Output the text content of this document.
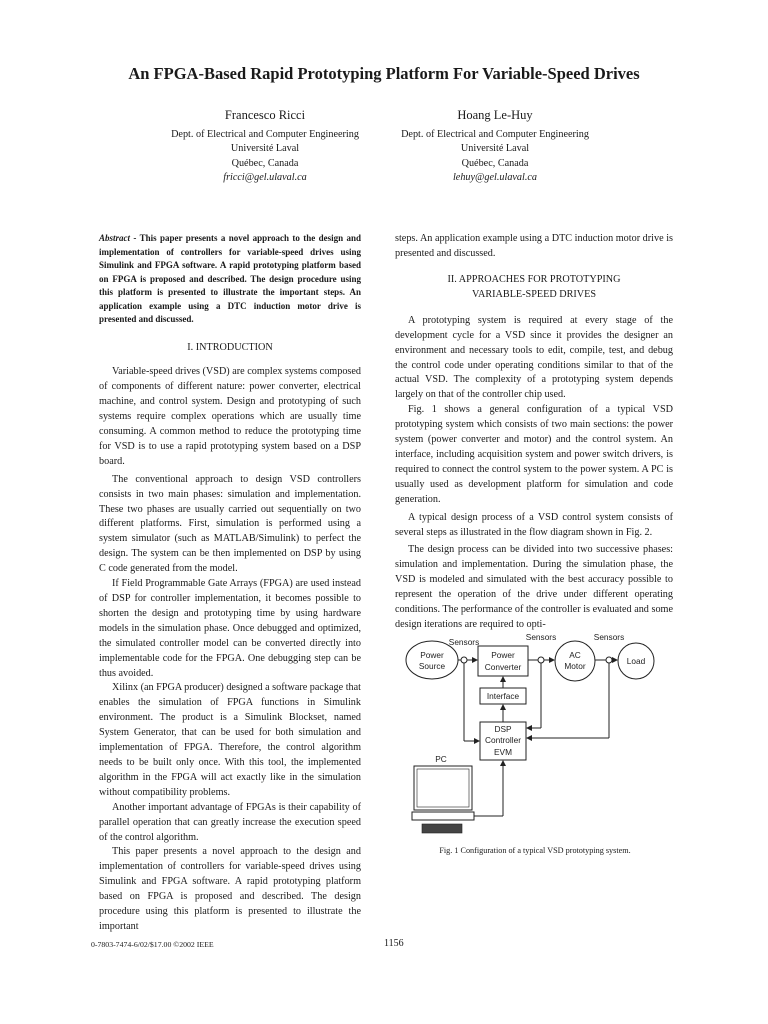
An FPGA-Based Rapid Prototyping Platform For Variable-Speed Drives
Francesco Ricci
Dept. of Electrical and Computer Engineering
Université Laval
Québec, Canada
fricci@gel.ulaval.ca
Hoang Le-Huy
Dept. of Electrical and Computer Engineering
Université Laval
Québec, Canada
lehuy@gel.ulaval.ca

Abstract - This paper presents a novel approach to the design and implementation of controllers for variable-speed drives using Simulink and FPGA software. A rapid prototyping platform based on FPGA is proposed and described. The design procedure using this platform is presented to illustrate the important steps. An application example using a DTC induction motor drive is presented and discussed.

I. INTRODUCTION

Variable-speed drives (VSD) are complex systems composed of components of different nature: power converter, electrical machine, and control system. Design and prototyping of such systems require complex operations which are usually time consuming. A common method to reduce the prototyping time for VSD is to use a rapid prototyping system based on a DSP board.

The conventional approach to design VSD controllers consists in two main phases: simulation and implementation. These two phases are usually carried out sequentially on two different platforms. First, simulation is performed using a system simulator (such as MATLAB/Simulink) to perfect the design. The system can be then implemented on DSP by using C code generated from the model.

If Field Programmable Gate Arrays (FPGA) are used instead of DSP for controller implementation, it becomes possible to shorten the design and prototyping time by using hardware models in the simulation phase. Once debugged and optimized, the simulated controller model can be converted directly into implementable code for the FPGA. One debugging step can be thus avoided.

Xilinx (an FPGA producer) designed a software package that enables the simulation of FPGA functions in Simulink environment. The product is a Simulink Blockset, named System Generator, that can be used for both simulation and implementation of FPGA. Therefore, the control algorithm needs to be built only once. With this tool, the implemented algorithm in the FPGA will act exactly like in the simulation without compatibility problems.

Another important advantage of FPGAs is their capability of parallel operation that can greatly increase the execution speed of the control algorithm.

This paper presents a novel approach to the design and implementation of controllers for variable-speed drives using Simulink and FPGA software. A rapid prototyping platform based on FPGA is proposed and described. The design procedure using this platform is presented to illustrate the important

steps. An application example using a DTC induction motor drive is presented and discussed.

II. APPROACHES FOR PROTOTYPING
VARIABLE-SPEED DRIVES

A prototyping system is required at every stage of the development cycle for a VSD since it provides the designer an environment and necessary tools to edit, compile, test, and debug the control code under operating conditions similar to that of the actual VSD. The complexity of a prototyping system depends largely on that of the controller chip used.

Fig. 1 shows a general configuration of a typical VSD prototyping system which consists of two main sections: the power system (power converter and motor) and the control system. An interface, including acquisition system and power switch drivers, is required to connect the control system to the power system. A PC is usually used as development platform for simulation and code generation.

A typical design process of a VSD control system consists of several steps as illustrated in the flow diagram shown in Fig. 2.

The design process can be divided into two successive phases: simulation and implementation. During the simulation phase, the VSD is modeled and simulated with the best accuracy possible to represent the operation of the drive under different operating conditions. The performance of the controller is evaluated and some design iterations are required to opti-

Power
Source
Sensors	Sensors	Sensors
Power
Converter
AC
Motor	Load
Interface
DSP
Controller
EVM
PC
Fig. 1 Configuration of a typical VSD prototyping system.
0-7803-7474-6/02/$17.00 ©2002 IEEE	1156
